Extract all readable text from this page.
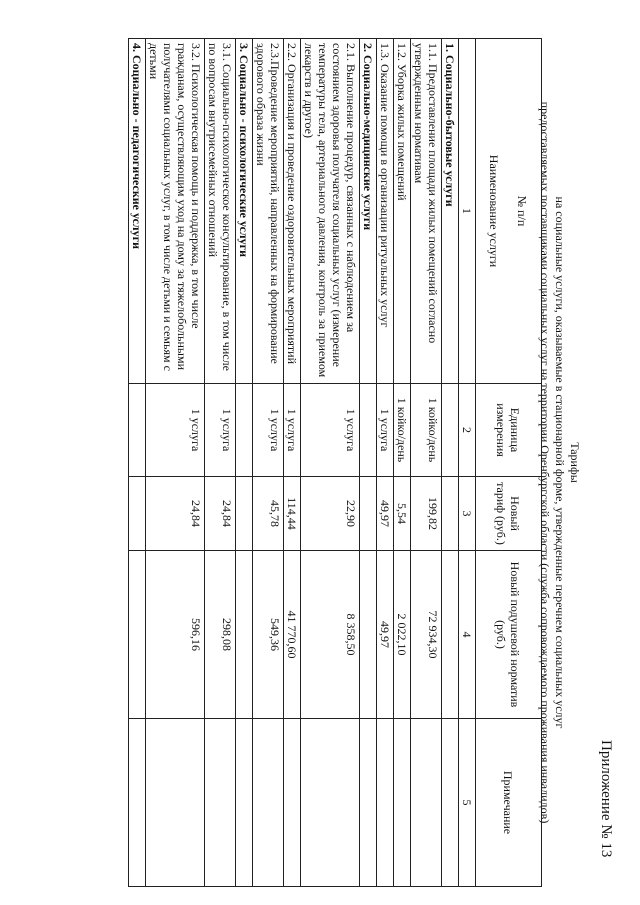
Приложение № 13
Тарифы
на социальные услуги, оказываемые в стационарной форме, утвержденные перечнем социальных услуг
предоставляемых поставщиками социальных услуг на территории Оренбургской области (служба сопровождаемого проживания инвалидов)
№ п/п
Наименование услуги	Единица измерения	Новый тариф (руб.)	Новый подушевой норматив (руб.)	Примечание
1	2	3	4	5
1. Социально-бытовые услуги				
1.1. Предоставление площади жилых помещений согласно утвержденным нормативам	1 койко/день	199,82	72 934,30	
1.2. Уборка жилых помещений	1 койко/день	5,54	2 022,10	
1.3. Оказание помощи в организации ритуальных услуг	1 услуга	49,97	49,97	
2. Социально-медицинские услуги				
2.1. Выполнение процедур, связанных с наблюдением за состоянием здоровья получателя социальных услуг (измерение температуры тела, артериального давления, контроль за приемом лекарств и другое)	1 услуга	22,90	8 358,50	
2.2. Организация и проведение оздоровительных мероприятий	1 услуга	114,44	41 770,60	
2.3.Проведение мероприятий, направленных на формирование здорового образа жизни	1 услуга	45,78	549,36	
3. Социально - психологические услуги				
3.1. Социально-психологическое консультирование, в том числе по вопросам внутрисемейных отношений	1 услуга	24,84	298,08	
3.2. Психологическая помощь и поддержка, в том числе гражданам, осуществляющим уход на дому за тяжелобольными получателями социальных услуг, в том числе детьми и семьям с детьми	1 услуга	24,84	596,16	
4. Социально - педагогические услуги				
